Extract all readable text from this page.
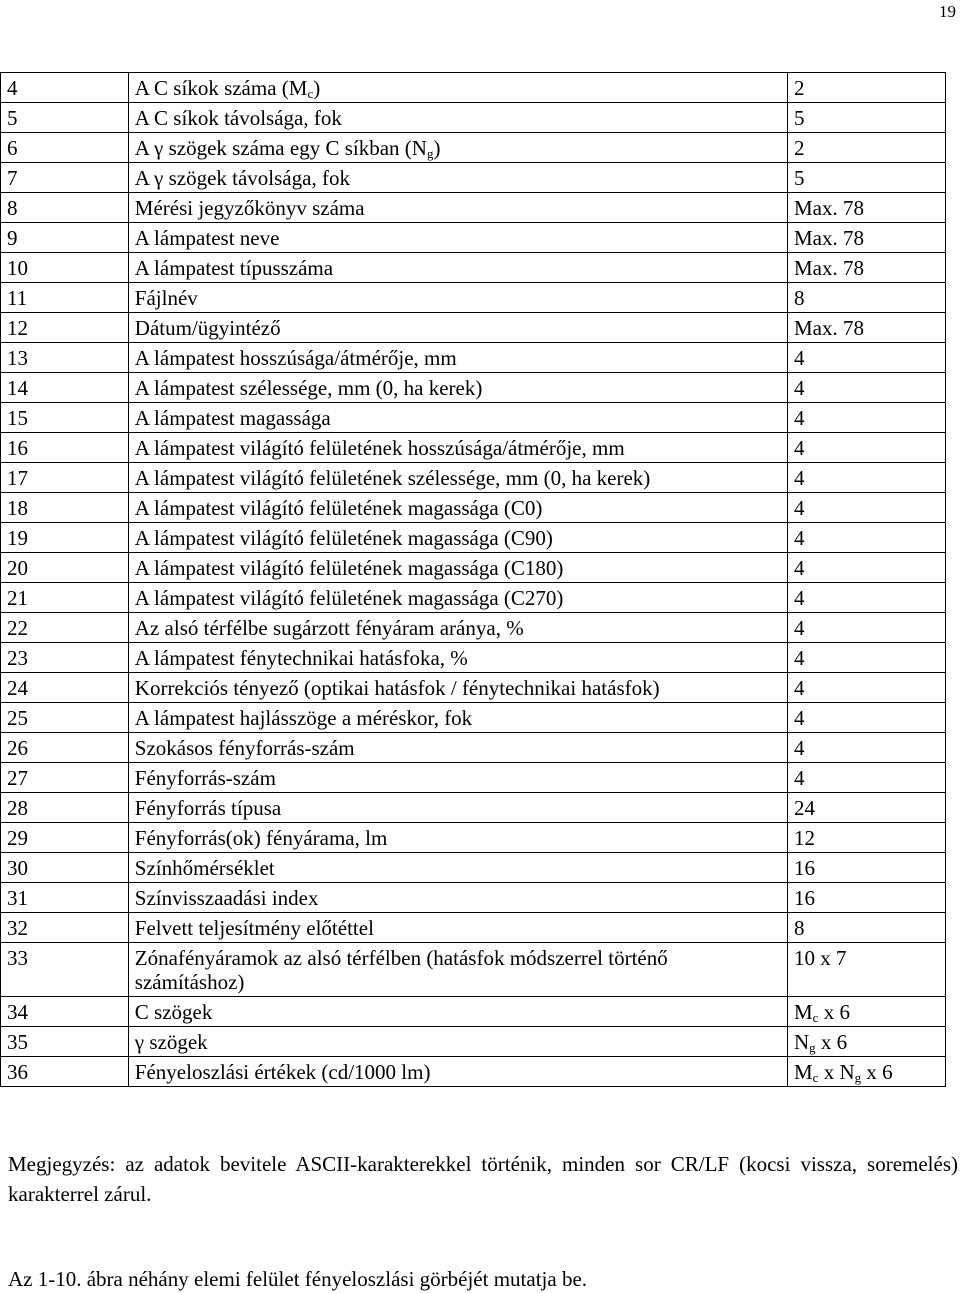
19
4	A C síkok száma $(M_c)$	2
5	A C síkok távolsága, fok	5
6	A γ szögek száma egy C síkban $(N_g)$	2
7	A γ szögek távolsága, fok	5
8	Mérési jegyzőkönyv száma	Max. 78
9	A lámpatest neve	Max. 78
10	A lámpatest típusszáma	Max. 78
11	Fájlnév	8
12	Dátum/ügyintéző	Max. 78
13	A lámpatest hosszúsága/átmérője, mm	4
14	A lámpatest szélessége, mm (0, ha kerek)	4
15	A lámpatest magassága	4
16	A lámpatest világító felületének hosszúsága/átmérője, mm	4
17	A lámpatest világító felületének szélessége, mm (0, ha kerek)	4
18	A lámpatest világító felületének magassága (C0)	4
19	A lámpatest világító felületének magassága (C90)	4
20	A lámpatest világító felületének magassága (C180)	4
21	A lámpatest világító felületének magassága (C270)	4
22	Az alsó térfélbe sugárzott fényáram aránya, %	4
23	A lámpatest fénytechnikai hatásfoka, %	4
24	Korrekciós tényező (optikai hatásfok / fénytechnikai hatásfok)	4
25	A lámpatest hajlásszöge a méréskor, fok	4
26	Szokásos fényforrás-szám	4
27	Fényforrás-szám	4
28	Fényforrás típusa	24
29	Fényforrás(ok) fényárama, lm	12
30	Színhőmérséklet	16
31	Színvisszaadási index	16
32	Felvett teljesítmény előtéttel	8
33	Zónafényáramok az alsó térfélben (hatásfok módszerrel történő számításhoz)	10 x 7
34	C szögek	$M_c$ x 6
35	γ szögek	$N_g$ x 6
36	Fényeloszlási értékek (cd/1000 lm)	$M_c$ x $N_g$ x 6

Megjegyzés: az adatok bevitele ASCII-karakterekkel történik, minden sor CR/LF (kocsi vissza, soremelés) karakterrel zárul.

Az 1-10. ábra néhány elemi felület fényeloszlási görbéjét mutatja be.
